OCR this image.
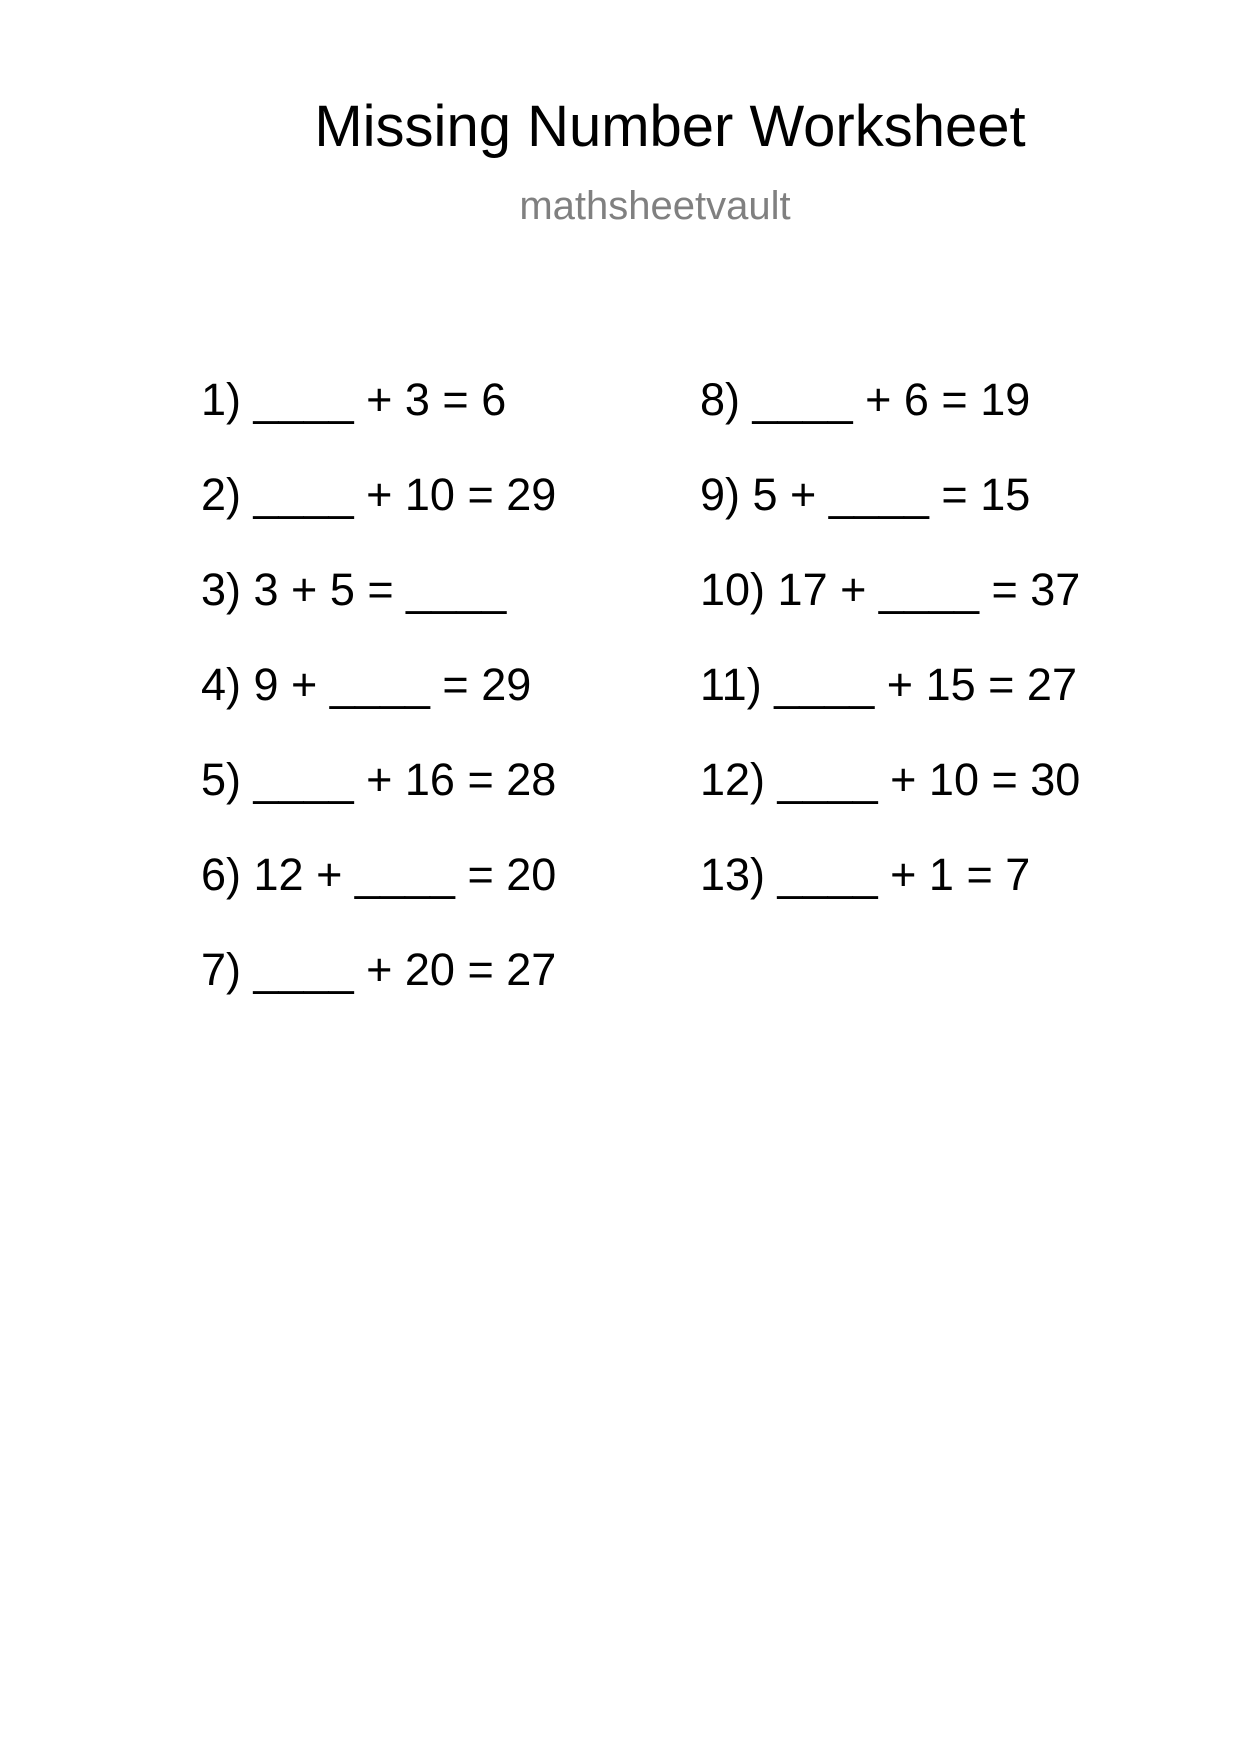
Missing Number Worksheet
mathsheetvault
1) ____ + 3 = 6
2) ____ + 10 = 29
3) 3 + 5 = ____
4) 9 + ____ = 29
5) ____ + 16 = 28
6) 12 + ____ = 20
7) ____ + 20 = 27
8) ____ + 6 = 19
9) 5 + ____ = 15
10) 17 + ____ = 37
11) ____ + 15 = 27
12) ____ + 10 = 30
13) ____ + 1 = 7
